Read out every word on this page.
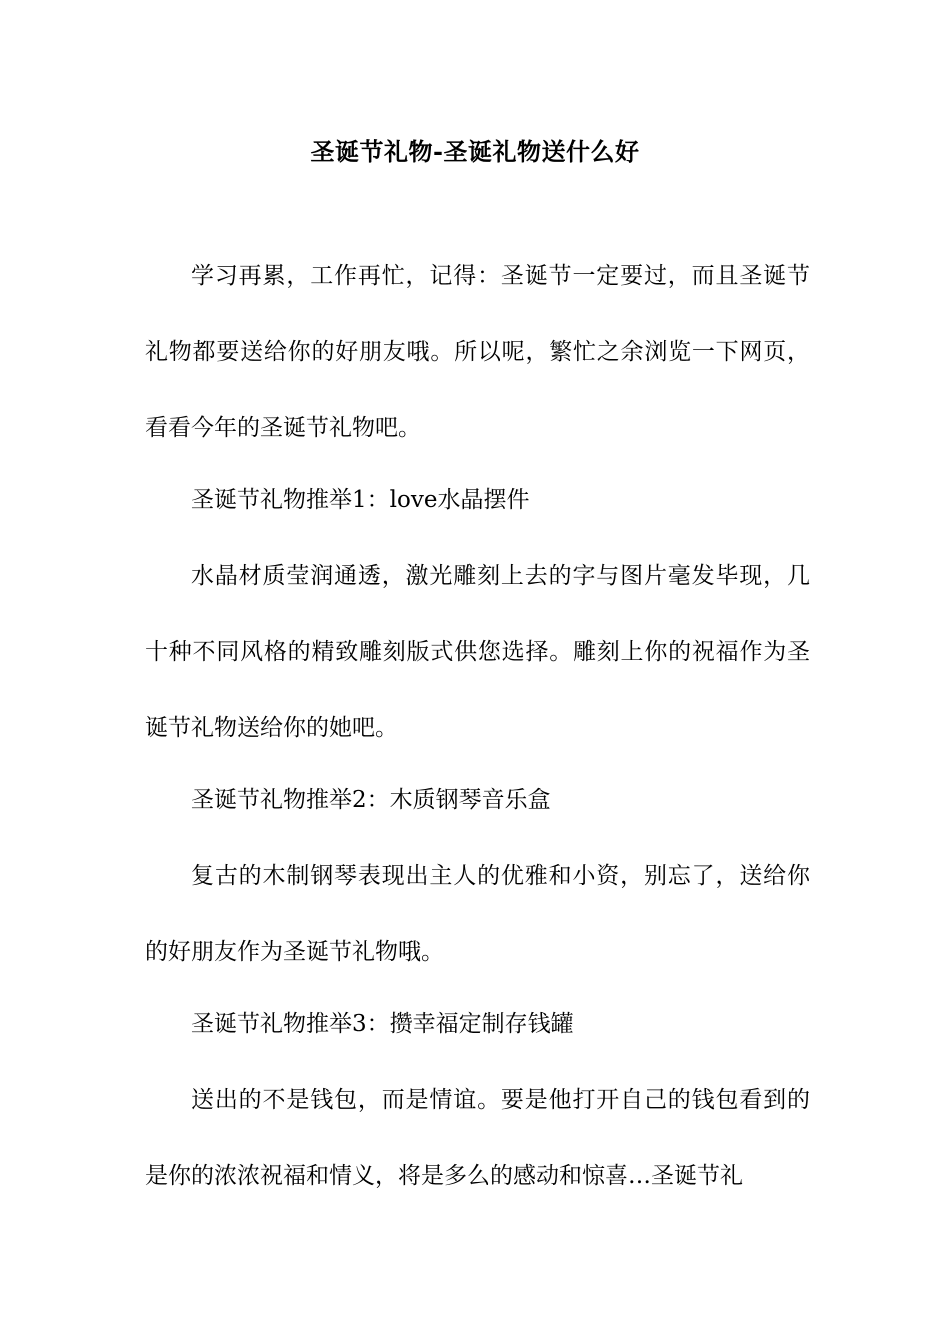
圣诞节礼物-圣诞礼物送什么好

学习再累，工作再忙，记得：圣诞节一定要过，而且圣诞节礼物都要送给你的好朋友哦。所以呢，繁忙之余浏览一下网页，看看今年的圣诞节礼物吧。

圣诞节礼物推举1：love水晶摆件

水晶材质莹润通透，激光雕刻上去的字与图片毫发毕现，几十种不同风格的精致雕刻版式供您选择。雕刻上你的祝福作为圣诞节礼物送给你的她吧。

圣诞节礼物推举2：木质钢琴音乐盒

复古的木制钢琴表现出主人的优雅和小资，别忘了，送给你的好朋友作为圣诞节礼物哦。

圣诞节礼物推举3：攒幸福定制存钱罐

送出的不是钱包，而是情谊。要是他打开自己的钱包看到的是你的浓浓祝福和情义，将是多么的感动和惊喜…圣诞节礼
